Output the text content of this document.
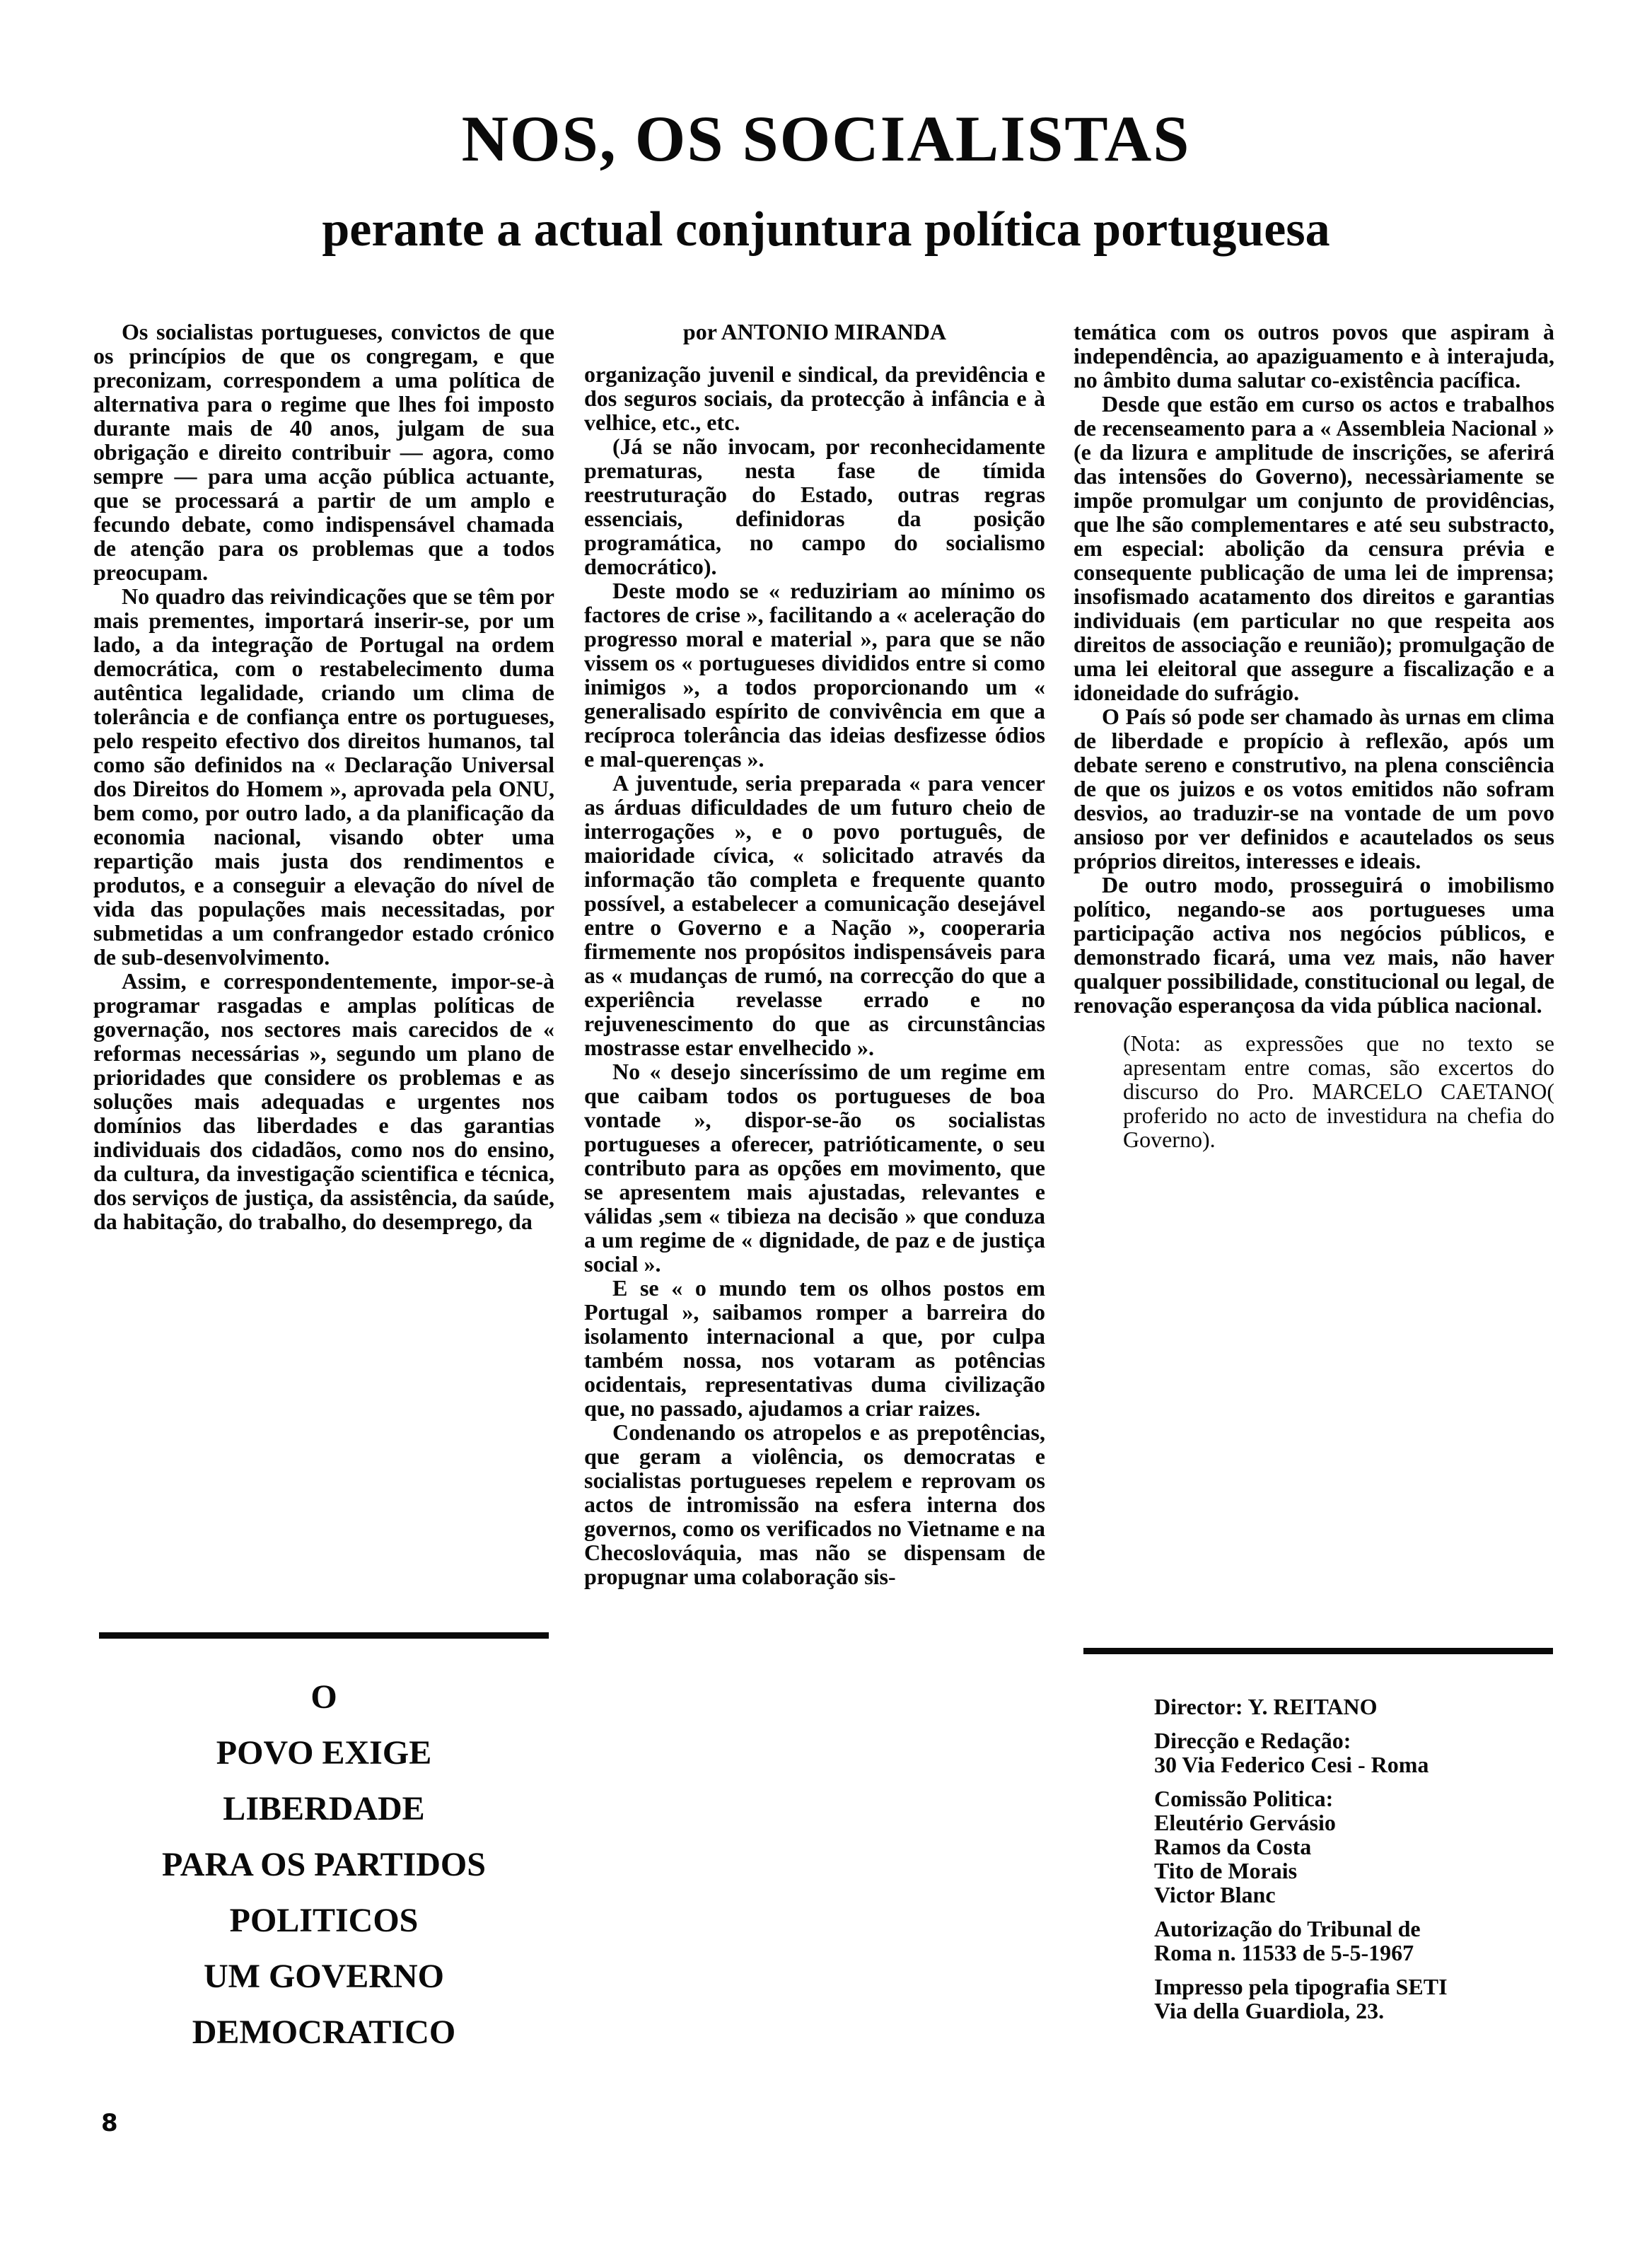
NOS, OS SOCIALISTAS
perante a actual conjuntura política portuguesa

Os socialistas portugueses, convictos de que os princípios de que os congregam, e que preconizam, correspondem a uma política de alternativa para o regime que lhes foi imposto durante mais de 40 anos, julgam de sua obrigação e direito contribuir — agora, como sempre — para uma acção pública actuante, que se processará a partir de um amplo e fecundo debate, como indispensável chamada de atenção para os problemas que a todos preocupam.

No quadro das reivindicações que se têm por mais prementes, importará inserir-se, por um lado, a da integração de Portugal na ordem democrática, com o restabelecimento duma autêntica legalidade, criando um clima de tolerância e de confiança entre os portugueses, pelo respeito efectivo dos direitos humanos, tal como são definidos na « Declaração Universal dos Direitos do Homem », aprovada pela ONU, bem como, por outro lado, a da planificação da economia nacional, visando obter uma repartição mais justa dos rendimentos e produtos, e a conseguir a elevação do nível de vida das populações mais necessitadas, por submetidas a um confrangedor estado crónico de sub-desenvolvimento.

Assim, e correspondentemente, impor-se-à programar rasgadas e amplas políticas de governação, nos sectores mais carecidos de « reformas necessárias », segundo um plano de prioridades que considere os problemas e as soluções mais adequadas e urgentes nos domínios das liberdades e das garantias individuais dos cidadãos, como nos do ensino, da cultura, da investigação scientifica e técnica, dos serviços de justiça, da assistência, da saúde, da habitação, do trabalho, do desemprego, da

por ANTONIO MIRANDA

organização juvenil e sindical, da previdência e dos seguros sociais, da protecção à infância e à velhice, etc., etc.

(Já se não invocam, por reconhecidamente prematuras, nesta fase de tímida reestruturação do Estado, outras regras essenciais, definidoras da posição programática, no campo do socialismo democrático).

Deste modo se « reduziriam ao mínimo os factores de crise », facilitando a « aceleração do progresso moral e material », para que se não vissem os « portugueses divididos entre si como inimigos », a todos proporcionando um « generalisado espírito de convivência em que a recíproca tolerância das ideias desfizesse ódios e mal-querenças ».

A juventude, seria preparada « para vencer as árduas dificuldades de um futuro cheio de interrogações », e o povo português, de maioridade cívica, « solicitado através da informação tão completa e frequente quanto possível, a estabelecer a comunicação desejável entre o Governo e a Nação », cooperaria firmemente nos propósitos indispensáveis para as « mudanças de rumó, na correcção do que a experiência revelasse errado e no rejuvenescimento do que as circunstâncias mostrasse estar envelhecido ».

No « desejo sinceríssimo de um regime em que caibam todos os portugueses de boa vontade », dispor-se-ão os socialistas portugueses a oferecer, patrióticamente, o seu contributo para as opções em movimento, que se apresentem mais ajustadas, relevantes e válidas ,sem « tibieza na decisão » que conduza a um regime de « dignidade, de paz e de justiça social ».

E se « o mundo tem os olhos postos em Portugal », saibamos romper a barreira do isolamento internacional a que, por culpa também nossa, nos votaram as potências ocidentais, representativas duma civilização que, no passado, ajudamos a criar raizes.

Condenando os atropelos e as prepotências, que geram a violência, os democratas e socialistas portugueses repelem e reprovam os actos de intromissão na esfera interna dos governos, como os verificados no Vietname e na Checoslováquia, mas não se dispensam de propugnar uma colaboração sis-

temática com os outros povos que aspiram à independência, ao apaziguamento e à interajuda, no âmbito duma salutar co-existência pacífica.

Desde que estão em curso os actos e trabalhos de recenseamento para a « Assembleia Nacional » (e da lizura e amplitude de inscrições, se aferirá das intensões do Governo), necessàriamente se impõe promulgar um conjunto de providências, que lhe são complementares e até seu substracto, em especial: abolição da censura prévia e consequente publicação de uma lei de imprensa; insofismado acatamento dos direitos e garantias individuais (em particular no que respeita aos direitos de associação e reunião); promulgação de uma lei eleitoral que assegure a fiscalização e a idoneidade do sufrágio.

O País só pode ser chamado às urnas em clima de liberdade e propício à reflexão, após um debate sereno e construtivo, na plena consciência de que os juizos e os votos emitidos não sofram desvios, ao traduzir-se na vontade de um povo ansioso por ver definidos e acautelados os seus próprios direitos, interesses e ideais.

De outro modo, prosseguirá o imobilismo político, negando-se aos portugueses uma participação activa nos negócios públicos, e demonstrado ficará, uma vez mais, não haver qualquer possibilidade, constitucional ou legal, de renovação esperançosa da vida pública nacional.

(Nota: as expressões que no texto se apresentam entre comas, são excertos do discurso do Pro. MARCELO CAETANO( proferido no acto de investidura na chefia do Governo).

O
POVO EXIGE
LIBERDADE
PARA OS PARTIDOS
POLITICOS
UM GOVERNO
DEMOCRATICO
Director: Y. REITANO
Direcção e Redação:
30 Via Federico Cesi - Roma
Comissão Politica:
Eleutério Gervásio
Ramos da Costa
Tito de Morais
Victor Blanc
Autorização do Tribunal de
Roma n. 11533 de 5-5-1967
Impresso pela tipografia SETI
Via della Guardiola, 23.
8
